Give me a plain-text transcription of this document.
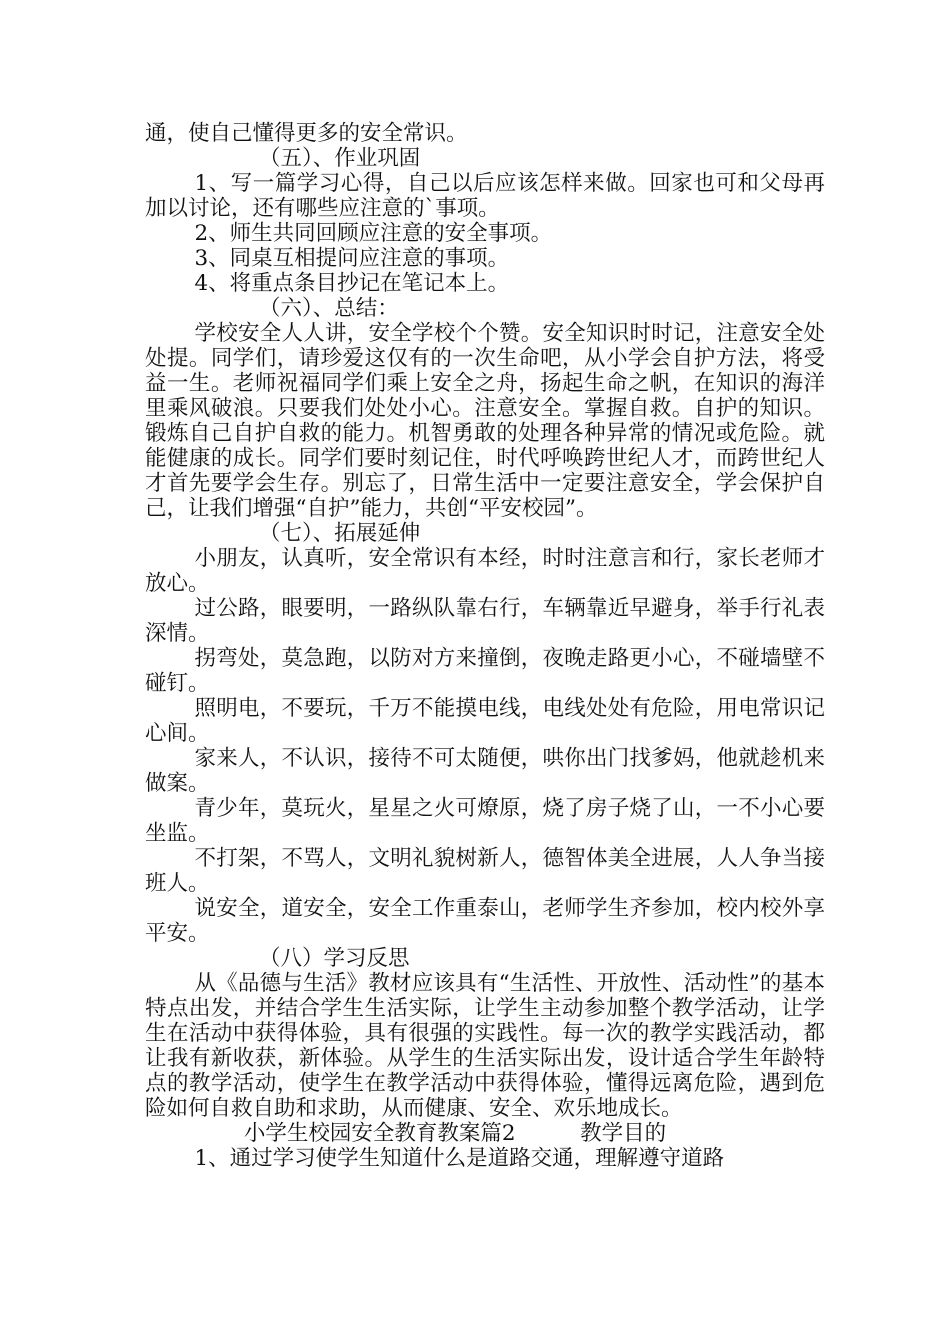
通，使自己懂得更多的安全常识。

（五）、作业巩固

1、写一篇学习心得，自己以后应该怎样来做。回家也可和父母再加以讨论，还有哪些应注意的`事项。

2、师生共同回顾应注意的安全事项。

3、同桌互相提问应注意的事项。

4、将重点条目抄记在笔记本上。

（六）、总结：

学校安全人人讲，安全学校个个赞。安全知识时时记，注意安全处处提。同学们，请珍爱这仅有的一次生命吧，从小学会自护方法，将受益一生。老师祝福同学们乘上安全之舟，扬起生命之帆，在知识的海洋里乘风破浪。只要我们处处小心。注意安全。掌握自救。自护的知识。锻炼自己自护自救的能力。机智勇敢的处理各种异常的情况或危险。就能健康的成长。同学们要时刻记住，时代呼唤跨世纪人才，而跨世纪人才首先要学会生存。别忘了，日常生活中一定要注意安全，学会保护自己，让我们增强“自护”能力，共创“平安校园”。

（七）、拓展延伸

小朋友，认真听，安全常识有本经，时时注意言和行，家长老师才放心。

过公路，眼要明，一路纵队靠右行，车辆靠近早避身，举手行礼表深情。

拐弯处，莫急跑，以防对方来撞倒，夜晚走路更小心，不碰墙壁不碰钉。

照明电，不要玩，千万不能摸电线，电线处处有危险，用电常识记心间。

家来人，不认识，接待不可太随便，哄你出门找爹妈，他就趁机来做案。

青少年，莫玩火，星星之火可燎原，烧了房子烧了山，一不小心要坐监。

不打架，不骂人，文明礼貌树新人，德智体美全进展，人人争当接班人。

说安全，道安全，安全工作重泰山，老师学生齐参加，校内校外享平安。

（八）学习反思

从《品德与生活》教材应该具有“生活性、开放性、活动性”的基本特点出发，并结合学生生活实际，让学生主动参加整个教学活动，让学生在活动中获得体验，具有很强的实践性。每一次的教学实践活动，都让我有新收获，新体验。从学生的生活实际出发，设计适合学生年龄特点的教学活动，使学生在教学活动中获得体验，懂得远离危险，遇到危险如何自救自助和求助，从而健康、安全、欢乐地成长。

小学生校园安全教育教案篇2　　　教学目的

1、通过学习使学生知道什么是道路交通，理解遵守道路
